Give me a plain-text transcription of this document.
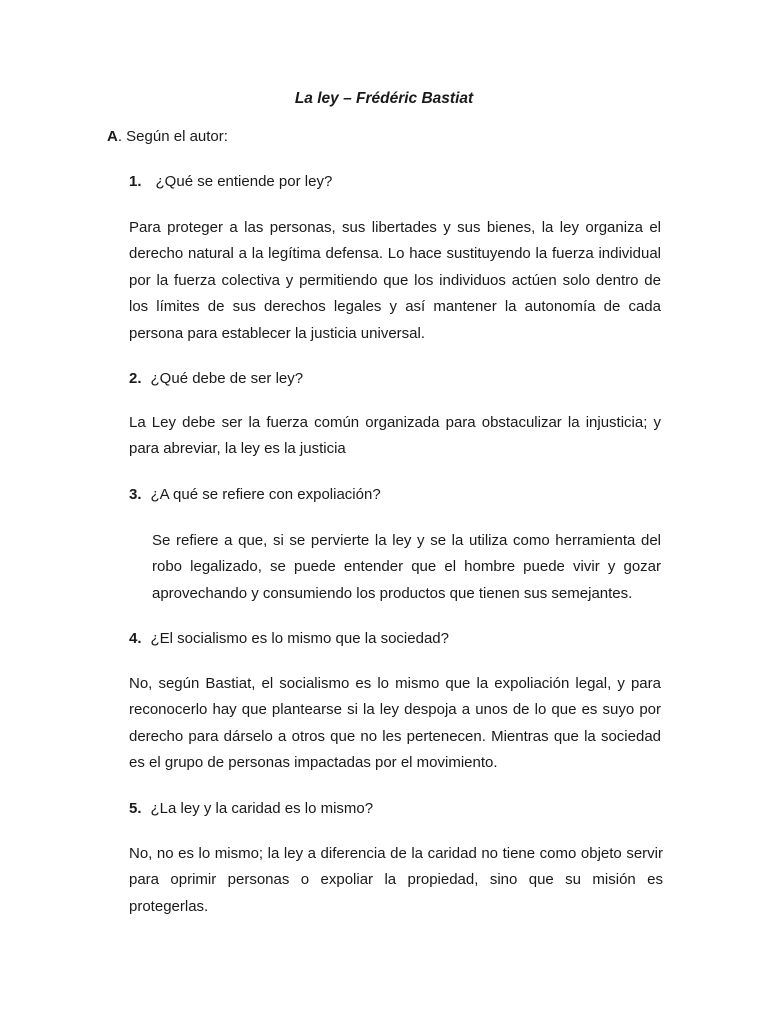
La ley – Frédéric Bastiat
A. Según el autor:
1. ¿Qué se entiende por ley?

Para proteger a las personas, sus libertades y sus bienes, la ley organiza el derecho natural a la legítima defensa. Lo hace sustituyendo la fuerza individual por la fuerza colectiva y permitiendo que los individuos actúen solo dentro de los límites de sus derechos legales y así mantener la autonomía de cada persona para establecer la justicia universal.

2. ¿Qué debe de ser ley?

La Ley debe ser la fuerza común organizada para obstaculizar la injusticia; y para abreviar, la ley es la justicia

3. ¿A qué se refiere con expoliación?

Se refiere a que, si se pervierte la ley y se la utiliza como herramienta del robo legalizado, se puede entender que el hombre puede vivir y gozar aprovechando y consumiendo los productos que tienen sus semejantes.

4. ¿El socialismo es lo mismo que la sociedad?

No, según Bastiat, el socialismo es lo mismo que la expoliación legal, y para reconocerlo hay que plantearse si la ley despoja a unos de lo que es suyo por derecho para dárselo a otros que no les pertenecen. Mientras que la sociedad es el grupo de personas impactadas por el movimiento.

5. ¿La ley y la caridad es lo mismo?

No, no es lo mismo; la ley a diferencia de la caridad no tiene como objeto servir para oprimir personas o expoliar la propiedad, sino que su misión es protegerlas.
